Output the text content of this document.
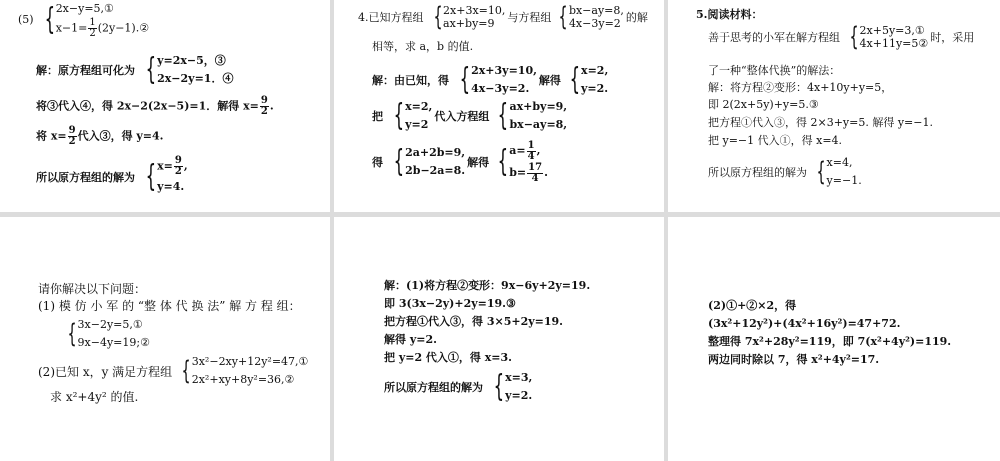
(5) { 2x−y=5,①
$x-1= \frac{1}{2}$ (2y−1).②
解：原方程组可化为 { y=2x−5，③
2x−2y=1．④
将③代入④，得 2x−2(2x−5)=1．解得 $x= \frac{9}{2}$ .
将 $x= \frac{9}{2}$ 代入③，得 y=4.
所以原方程组的解为 { $x= \frac{9}{2}$ ,
y=4.
4.已知方程组 { 2x+3x=10,
ax+by=9	与方程组 { bx−ay=8,
4x−3y=2 的解
相等，求 a，b 的值.
解：由已知，得 { 2x+3y=10,
4x−3y=2.
解得 { x=2,
y=2.
把 { x=2,
y=2
代入方程组 { ax+by=9,
bx−ay=8,
得 { 2a+2b=9,
2b−2a=8.
解得 { $a= \frac{1}{4}$ ,
$b= \frac{17}{4}$ .
5.阅读材料：
善于思考的小军在解方程组 { 2x+5y=3,①
4x+11y=5② 时，采用
了一种“整体代换”的解法：
解：将方程②变形：4x+10y+y=5，
即 2(2x+5y)+y=5.③
把方程①代入③，得 2×3+y=5. 解得 y=−1.
把 y=−1 代入①，得 x=4.
所以原方程组的解为 { x=4,
y=−1.
请你解决以下问题：
(1) 模 仿 小 军 的 “整 体 代 换 法” 解 方 程 组：
{ 3x−2y=5,①
9x−4y=19;②
(2)已知 x，y 满足方程组 { 3x²−2xy+12y²=47,①
2x²+xy+8y²=36,②
求 x²+4y² 的值.
解：(1)将方程②变形：9x−6y+2y=19.
即 3(3x−2y)+2y=19.③
把方程①代入③，得 3×5+2y=19.
解得 y=2.
把 y=2 代入①，得 x=3.
所以原方程组的解为 { x=3,
y=2.
(2)①+②×2，得
(3x²+12y²)+(4x²+16y²)=47+72.
整理得 7x²+28y²=119，即 7(x²+4y²)=119.
两边同时除以 7，得 x²+4y²=17.
